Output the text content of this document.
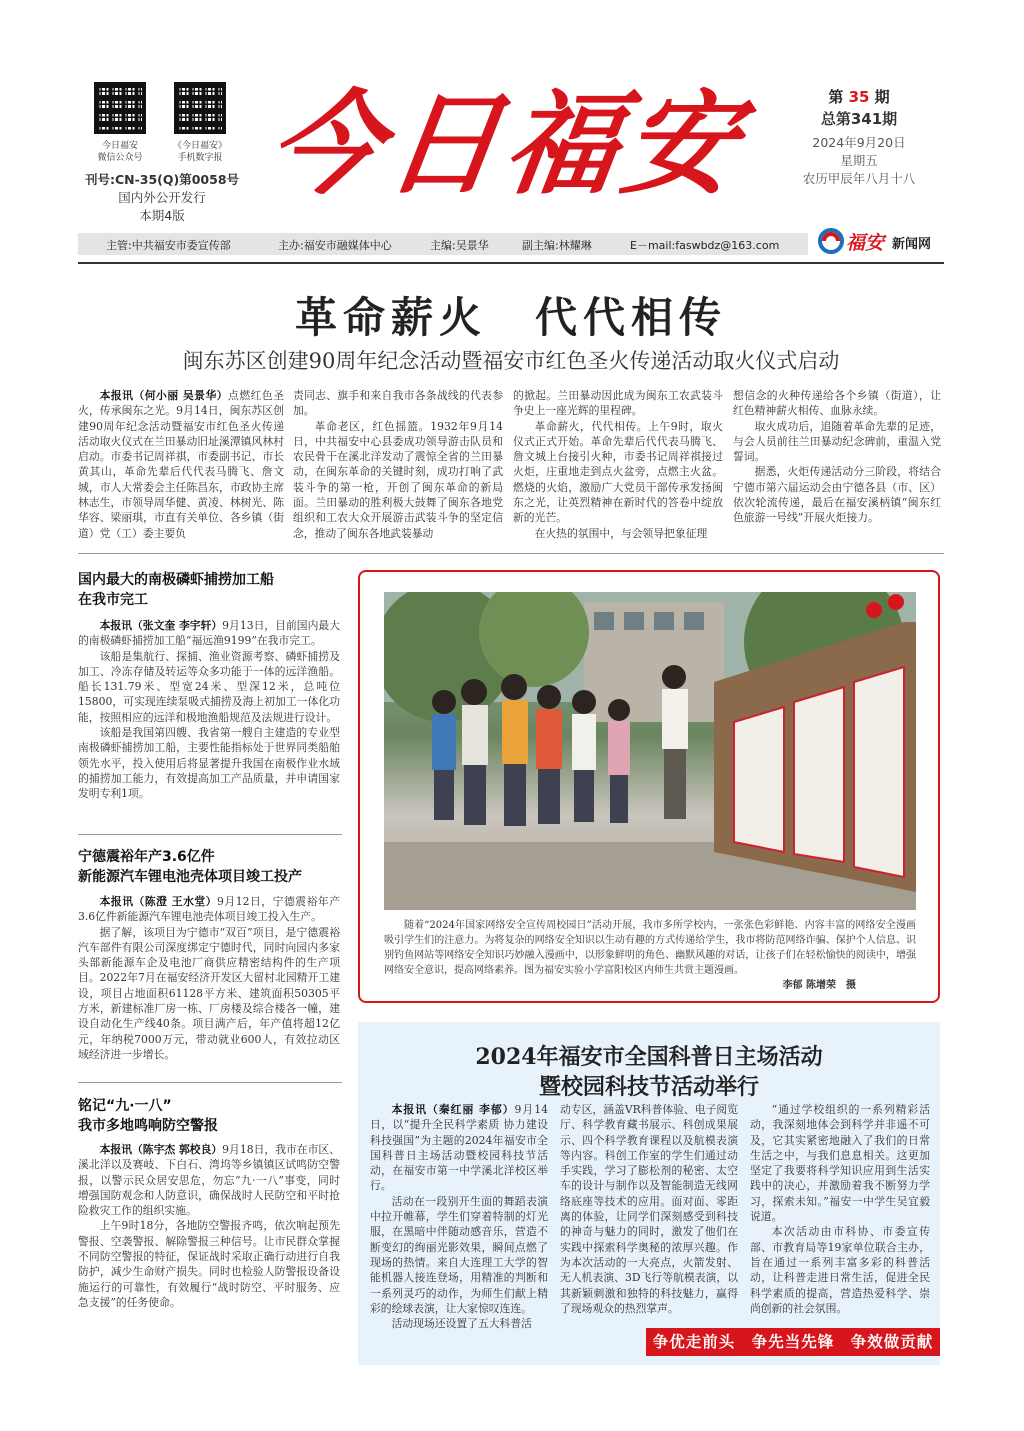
今日福安
微信公众号
《今日福安》
手机数字报
刊号:CN-35(Q)第0058号
国内外公开发行
本期4版
今日福安	第 35 期
总第341期
2024年9月20日
星期五
农历甲辰年八月十八
主管:中共福安市委宣传部	主办:福安市融媒体中心	主编:吴景华	副主编:林耀琳	E－mail:faswbdz@163.com	福安 新闻网
革命薪火　代代相传
闽东苏区创建90周年纪念活动暨福安市红色圣火传递活动取火仪式启动

本报讯（何小丽 吴景华）点燃红色圣火，传承闽东之光。9月14日，闽东苏区创建90周年纪念活动暨福安市红色圣火传递活动取火仪式在兰田暴动旧址溪潭镇风林村启动。市委书记周祥祺，市委副书记、市长黄其山，革命先辈后代代表马腾飞、詹文城，市人大常委会主任陈昌东，市政协主席林志生，市领导周华健、黄凌、林树光、陈华容、梁丽琪，市直有关单位、各乡镇（街道）党（工）委主要负

责同志、旗手和来自我市各条战线的代表参加。

革命老区，红色摇篮。1932年9月14日，中共福安中心县委成功领导游击队员和农民骨干在溪北洋发动了震惊全省的兰田暴动，在闽东革命的关键时刻，成功打响了武装斗争的第一枪，开创了闽东革命的新局面。兰田暴动的胜利极大鼓舞了闽东各地党组织和工农大众开展游击武装斗争的坚定信念，推动了闽东各地武装暴动

的掀起。兰田暴动因此成为闽东工农武装斗争史上一座光辉的里程碑。

革命薪火，代代相传。上午9时，取火仪式正式开始。革命先辈后代代表马腾飞、詹文城上台接引火种，市委书记周祥祺接过火炬，庄重地走到点火盆旁，点燃主火盆。燃烧的火焰，激励广大党员干部传承发扬闽东之光，让英烈精神在新时代的答卷中绽放新的光芒。

在火热的氛围中，与会领导把象征理

想信念的火种传递给各个乡镇（街道），让红色精神薪火相传、血脉永续。

取火成功后，追随着革命先辈的足迹，与会人员前往兰田暴动纪念碑前，重温入党誓词。

据悉，火炬传递活动分三阶段，将结合宁德市第六届运动会由宁德各县（市、区）依次轮流传递，最后在福安溪柄镇“闽东红色旅游一号线”开展火炬接力。

国内最大的南极磷虾捕捞加工船
在我市完工

本报讯（张文奎 李宇轩）9月13日，目前国内最大的南极磷虾捕捞加工船“福远渔9199”在我市完工。

该船是集航行、探捕、渔业资源考察、磷虾捕捞及加工、冷冻存储及转运等众多功能于一体的远洋渔船。船长131.79米、型宽24米、型深12米，总吨位15800，可实现连续泵吸式捕捞及海上初加工一体化功能，按照相应的远洋和极地渔船规范及法规进行设计。

该船是我国第四艘、我省第一艘自主建造的专业型南极磷虾捕捞加工船，主要性能指标处于世界同类船舶领先水平，投入使用后将显著提升我国在南极作业水域的捕捞加工能力，有效提高加工产品质量，并申请国家发明专利1项。

宁德震裕年产3.6亿件
新能源汽车锂电池壳体项目竣工投产

本报讯（陈澄 王水堂）9月12日，宁德震裕年产3.6亿件新能源汽车锂电池壳体项目竣工投入生产。

据了解，该项目为宁德市“双百”项目，是宁德震裕汽车部件有限公司深度绑定宁德时代，同时向园内多家头部新能源车企及电池厂商供应精密结构件的生产项目。2022年7月在福安经济开发区大留村北园精开工建设，项目占地面积61128平方米、建筑面积50305平方米，新建标准厂房一栋、厂房楼及综合楼各一幢，建设自动化生产线40条。项目满产后，年产值将超12亿元，年纳税7000万元，带动就业600人，有效拉动区域经济进一步增长。

铭记“九·一八”
我市多地鸣响防空警报

本报讯（陈宇杰 郭校良）9月18日，我市在市区、溪北洋以及赛岐、下白石、湾坞等乡镇镇区试鸣防空警报，以警示民众居安思危，勿忘“九·一八”事变，同时增强国防观念和人防意识，确保战时人民防空和平时抢险救灾工作的组织实施。

上午9时18分，各地防空警报齐鸣，依次响起预先警报、空袭警报、解除警报三种信号。让市民群众掌握不同防空警报的特征，保证战时采取正确行动进行自我防护，减少生命财产损失。同时也检验人防警报设备设施运行的可靠性，有效履行“战时防空、平时服务、应急支援”的任务使命。

随着“2024年国家网络安全宣传周校园日”活动开展，我市多所学校内，一张张色彩鲜艳、内容丰富的网络安全漫画吸引学生们的注意力。为将复杂的网络安全知识以生动有趣的方式传递给学生，我市将防范网络诈骗、保护个人信息、识别钓鱼网站等网络安全知识巧妙融入漫画中，以形象鲜明的角色、幽默风趣的对话，让孩子们在轻松愉快的阅读中，增强网络安全意识，提高网络素养。图为福安实验小学富阳校区内师生共赏主题漫画。

李郁 陈增荣　摄

2024年福安市全国科普日主场活动
暨校园科技节活动举行

本报讯（秦红丽 李郁）9月14日，以“提升全民科学素质 协力建设科技强国”为主题的2024年福安市全国科普日主场活动暨校园科技节活动，在福安市第一中学溪北洋校区举行。

活动在一段别开生面的舞蹈表演中拉开帷幕，学生们穿着特制的灯光服，在黑暗中伴随动感音乐，营造不断变幻的绚丽光影效果，瞬间点燃了现场的热情。来自大连理工大学的智能机器人接连登场，用精准的判断和一系列灵巧的动作，为师生们献上精彩的绘球表演，让大家惊叹连连。

活动现场还设置了五大科普活

动专区，涵盖VR科普体验、电子阅览厅、科学教育藏书展示、科创成果展示、四个科学教育课程以及航模表演等内容。科创工作室的学生们通过动手实践，学习了膨松剂的秘密、太空车的设计与制作以及智能制造无线网络底座等技术的应用。面对面、零距离的体验，让同学们深刻感受到科技的神奇与魅力的同时，激发了他们在实践中探索科学奥秘的浓厚兴趣。作为本次活动的一大亮点，火箭发射、无人机表演、3D飞行等航模表演，以其新颖刺激和独特的科技魅力，赢得了现场观众的热烈掌声。

“通过学校组织的一系列精彩活动，我深刻地体会到科学并非遥不可及，它其实紧密地融入了我们的日常生活之中，与我们息息相关。这更加坚定了我要将科学知识应用到生活实践中的决心，并激励着我不断努力学习，探索未知。”福安一中学生吴宜毅说道。

本次活动由市科协、市委宣传部、市教育局等19家单位联合主办，旨在通过一系列丰富多彩的科普活动，让科普走进日常生活，促进全民科学素质的提高，营造热爱科学、崇尚创新的社会氛围。

争优走前头　争先当先锋　争效做贡献
